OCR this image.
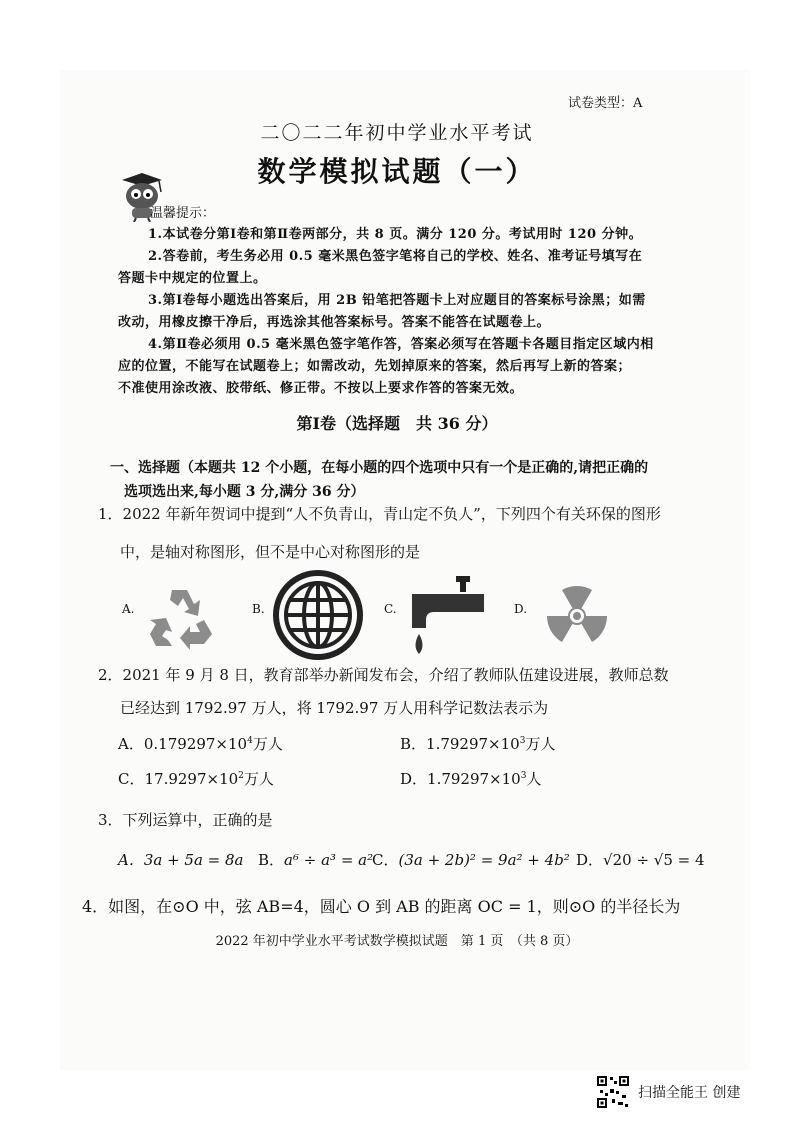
试卷类型：A
二〇二二年初中学业水平考试
数学模拟试题（一）
温馨提示：
1.本试卷分第Ⅰ卷和第Ⅱ卷两部分，共 8 页。满分 120 分。考试用时 120 分钟。
2.答卷前，考生务必用 0.5 毫米黑色签字笔将自己的学校、姓名、准考证号填写在
答题卡中规定的位置上。
3.第Ⅰ卷每小题选出答案后，用 2B 铅笔把答题卡上对应题目的答案标号涂黑；如需
改动，用橡皮擦干净后，再选涂其他答案标号。答案不能答在试题卷上。
4.第Ⅱ卷必须用 0.5 毫米黑色签字笔作答，答案必须写在答题卡各题目指定区域内相
应的位置，不能写在试题卷上；如需改动，先划掉原来的答案，然后再写上新的答案；
不准使用涂改液、胶带纸、修正带。不按以上要求作答的答案无效。
第Ⅰ卷（选择题　共 36 分）
一、选择题（本题共 12 个小题，在每小题的四个选项中只有一个是正确的,请把正确的
选项选出来,每小题 3 分,满分 36 分）
1．2022 年新年贺词中提到“人不负青山，青山定不负人”，下列四个有关环保的图形
中，是轴对称图形，但不是中心对称图形的是
A.	B.	C.	D.
2．2021 年 9 月 8 日，教育部举办新闻发布会，介绍了教师队伍建设进展，教师总数
已经达到 1792.97 万人，将 1792.97 万人用科学记数法表示为
A．$0.179297\times 10^4$万人	B．$1.79297\times 10^3$万人
C．$17.9297\times 10^2$万人	D．$1.79297\times 10^3$人
3．下列运算中，正确的是
A．3a + 5a = 8a B．a⁶ ÷ a³ = a²
C．(3a + 2b)² = 9a² + 4b² D．√20 ÷ √5 = 4
4．如图，在⊙O 中，弦 AB=4，圆心 O 到 AB 的距离 OC = 1，则⊙O 的半径长为
2022 年初中学业水平考试数学模拟试题　第 1 页　（共 8 页）
扫描全能王 创建
